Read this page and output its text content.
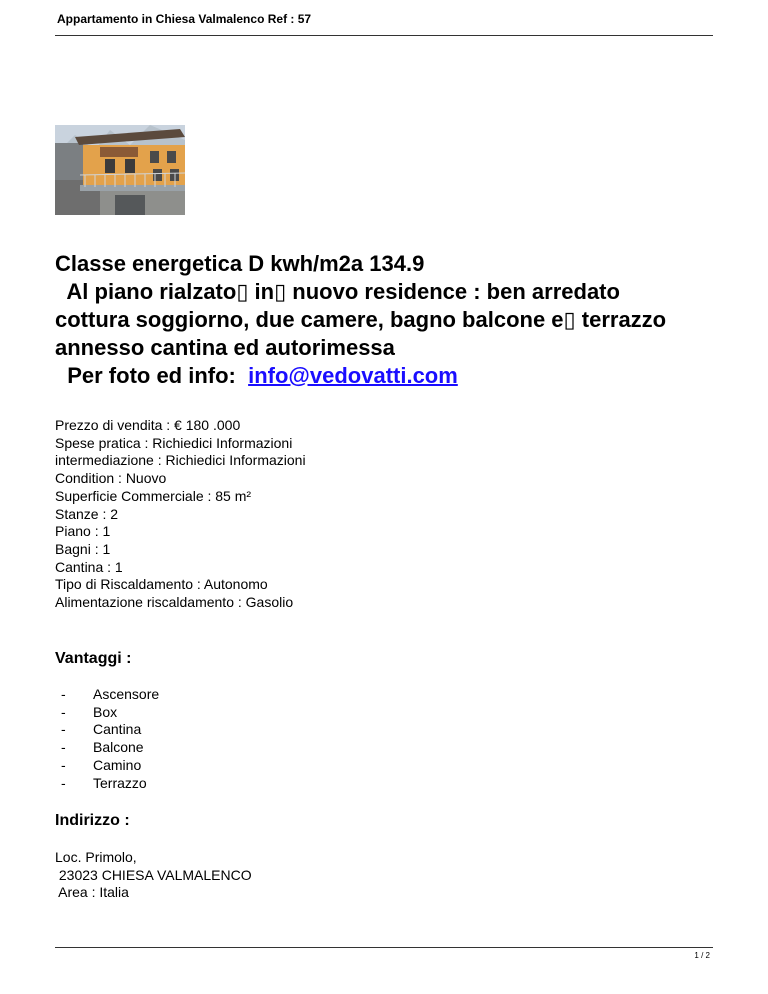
Appartamento in Chiesa Valmalenco Ref : 57
Classe energetica D kwh/m2a 134.9
Al piano rialzato▯ in▯ nuovo residence : ben arredato
cottura soggiorno, due camere, bagno balcone e▯ terrazzo
annesso cantina ed autorimessa
Per foto ed info:  info@vedovatti.com
Prezzo di vendita : € 180 .000
Spese pratica : Richiedici Informazioni
intermediazione : Richiedici Informazioni
Condition : Nuovo
Superficie Commerciale : 85 m²
Stanze : 2
Piano : 1
Bagni : 1
Cantina : 1
Tipo di Riscaldamento : Autonomo
Alimentazione riscaldamento : Gasolio
Vantaggi :
- Ascensore
- Box
- Cantina
- Balcone
- Camino
- Terrazzo
Indirizzo :
Loc. Primolo,
23023 CHIESA VALMALENCO
Area : Italia
1 / 2
